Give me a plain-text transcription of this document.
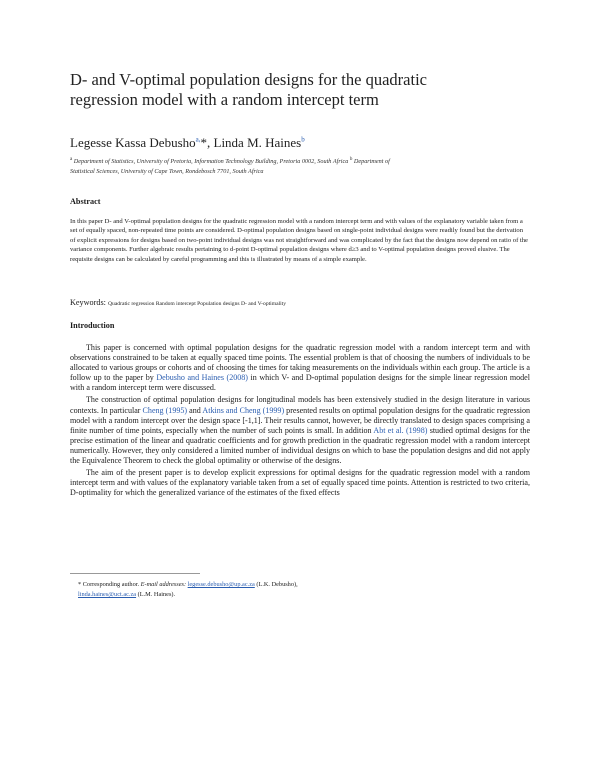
D- and V-optimal population designs for the quadratic regression model with a random intercept term
Legesse Kassa Debusho$^{a,}$*, Linda M. Haines$^b$
$^a$ Department of Statistics, University of Pretoria, Information Technology Building, Pretoria 0002, South Africa $^b$ Department of Statistical Sciences, University of Cape Town, Rondebosch 7701, South Africa
Abstract
In this paper D- and V-optimal population designs for the quadratic regression model with a random intercept term and with values of the explanatory variable taken from a set of equally spaced, non-repeated time points are considered. D-optimal population designs based on single-point individual designs were readily found but the derivation of explicit expressions for designs based on two-point individual designs was not straightforward and was complicated by the fact that the designs now depend on ratio of the variance components. Further algebraic results pertaining to d-point D-optimal population designs where d≥3 and to V-optimal population designs proved elusive. The requisite designs can be calculated by careful programming and this is illustrated by means of a simple example.
Keywords: Quadratic regression Random intercept Population designs D- and V-optimality
Introduction

This paper is concerned with optimal population designs for the quadratic regression model with a random intercept term and with observations constrained to be taken at equally spaced time points. The essential problem is that of choosing the numbers of individuals to be allocated to various groups or cohorts and of choosing the times for taking measurements on the individuals within each group. The article is a follow up to the paper by Debusho and Haines (2008) in which V- and D-optimal population designs for the simple linear regression model with a random intercept term were discussed.

The construction of optimal population designs for longitudinal models has been extensively studied in the design literature in various contexts. In particular Cheng (1995) and Atkins and Cheng (1999) presented results on optimal population designs for the quadratic regression model with a random intercept over the design space [-1,1]. Their results cannot, however, be directly translated to design spaces comprising a finite number of time points, especially when the number of such points is small. In addition Abt et al. (1998) studied optimal designs for the precise estimation of the linear and quadratic coefficients and for growth prediction in the quadratic regression model with a random intercept numerically. However, they only considered a limited number of individual designs on which to base the population designs and did not apply the Equivalence Theorem to check the global optimality or otherwise of the designs.

The aim of the present paper is to develop explicit expressions for optimal designs for the quadratic regression model with a random intercept term and with values of the explanatory variable taken from a set of equally spaced time points. Attention is restricted to two criteria, D-optimality for which the generalized variance of the estimates of the fixed effects

* Corresponding author. E-mail addresses: legesse.debusho@up.ac.za (L.K. Debusho),
linda.haines@uct.ac.za (L.M. Haines).
